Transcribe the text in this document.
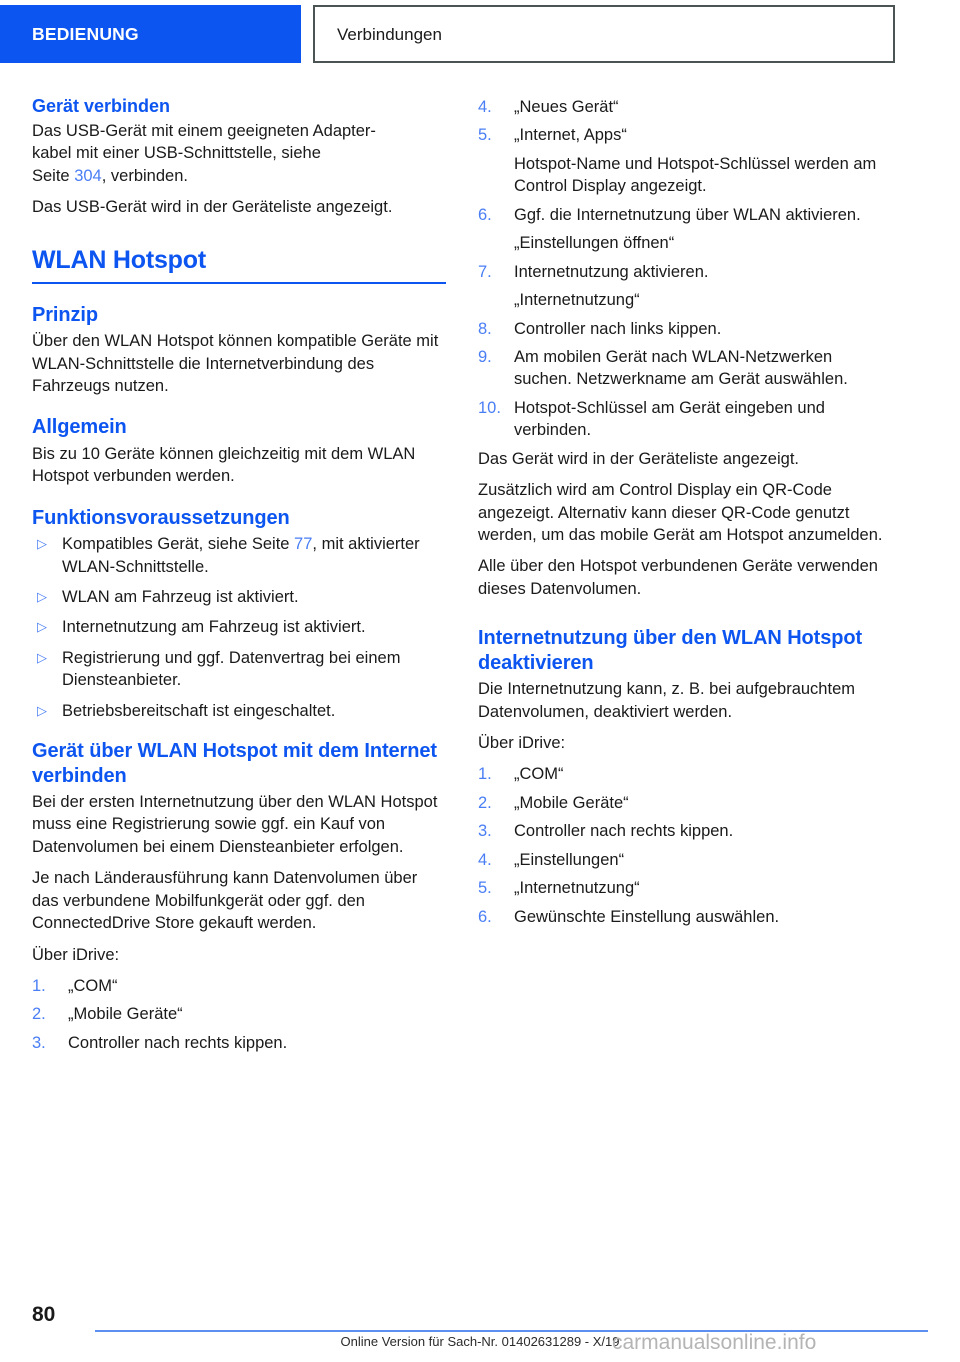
BEDIENUNG	Verbindungen
Gerät verbinden

Das USB-Gerät mit einem geeigneten Adapter-
kabel mit einer USB-Schnittstelle, siehe
Seite 304, verbinden.

Das USB-Gerät wird in der Geräteliste angezeigt.

WLAN Hotspot
Prinzip

Über den WLAN Hotspot können kompatible Geräte mit WLAN-Schnittstelle die Internetverbindung des Fahrzeugs nutzen.

Allgemein

Bis zu 10 Geräte können gleichzeitig mit dem WLAN Hotspot verbunden werden.

Funktionsvoraussetzungen
▷ Kompatibles Gerät, siehe Seite 77, mit aktivierter WLAN-Schnittstelle.
▷ WLAN am Fahrzeug ist aktiviert.
▷ Internetnutzung am Fahrzeug ist aktiviert.
▷ Registrierung und ggf. Datenvertrag bei einem Diensteanbieter.
▷ Betriebsbereitschaft ist eingeschaltet.
Gerät über WLAN Hotspot mit dem Internet verbinden

Bei der ersten Internetnutzung über den WLAN Hotspot muss eine Registrierung sowie ggf. ein Kauf von Datenvolumen bei einem Diensteanbieter erfolgen.

Je nach Länderausführung kann Datenvolumen über das verbundene Mobilfunkgerät oder ggf. den ConnectedDrive Store gekauft werden.

Über iDrive:

1.	„COM“
2.	„Mobile Geräte“
3.	Controller nach rechts kippen.
4.	„Neues Gerät“
5.	„Internet, Apps“
Hotspot-Name und Hotspot-Schlüssel werden am Control Display angezeigt.
6.	Ggf. die Internetnutzung über WLAN aktivieren.
„Einstellungen öffnen“
7.	Internetnutzung aktivieren.
„Internetnutzung“
8.	Controller nach links kippen.
9.	Am mobilen Gerät nach WLAN-Netzwerken suchen. Netzwerkname am Gerät auswählen.
10. Hotspot-Schlüssel am Gerät eingeben und verbinden.

Das Gerät wird in der Geräteliste angezeigt.

Zusätzlich wird am Control Display ein QR-Code angezeigt. Alternativ kann dieser QR-Code genutzt werden, um das mobile Gerät am Hotspot anzumelden.

Alle über den Hotspot verbundenen Geräte verwenden dieses Datenvolumen.

Internetnutzung über den WLAN Hotspot deaktivieren

Die Internetnutzung kann, z. B. bei aufgebrauchtem Datenvolumen, deaktiviert werden.

Über iDrive:

1.	„COM“
2.	„Mobile Geräte“
3.	Controller nach rechts kippen.
4.	„Einstellungen“
5.	„Internetnutzung“
6.	Gewünschte Einstellung auswählen.
80
Online Version für Sach-Nr. 01402631289 - X/19
carmanualsonline.info
